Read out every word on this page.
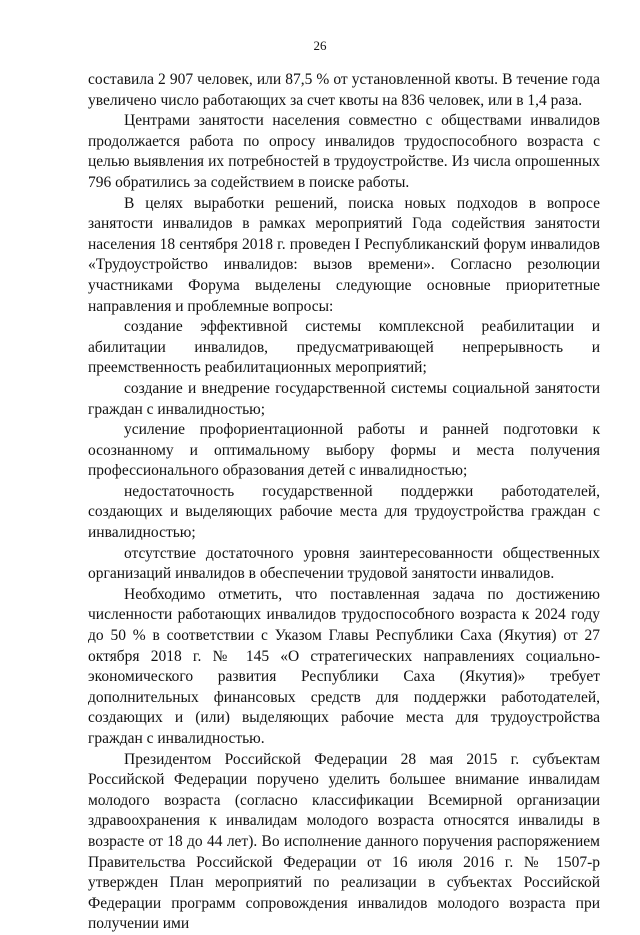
26

составила 2 907 человек, или 87,5 % от установленной квоты. В течение года увеличено число работающих за счет квоты на 836 человек, или в 1,4 раза.

Центрами занятости населения совместно с обществами инвалидов продолжается работа по опросу инвалидов трудоспособного возраста с целью выявления их потребностей в трудоустройстве. Из числа опрошенных 796 обратились за содействием в поиске работы.

В целях выработки решений, поиска новых подходов в вопросе занятости инвалидов в рамках мероприятий Года содействия занятости населения 18 сентября 2018 г. проведен I Республиканский форум инвалидов «Трудоустройство инвалидов: вызов времени». Согласно резолюции участниками Форума выделены следующие основные приоритетные направления и проблемные вопросы:

создание эффективной системы комплексной реабилитации и абилитации инвалидов, предусматривающей непрерывность и преемственность реабилитационных мероприятий;

создание и внедрение государственной системы социальной занятости граждан с инвалидностью;

усиление профориентационной работы и ранней подготовки к осознанному и оптимальному выбору формы и места получения профессионального образования детей с инвалидностью;

недостаточность государственной поддержки работодателей, создающих и выделяющих рабочие места для трудоустройства граждан с инвалидностью;

отсутствие достаточного уровня заинтересованности общественных организаций инвалидов в обеспечении трудовой занятости инвалидов.

Необходимо отметить, что поставленная задача по достижению численности работающих инвалидов трудоспособного возраста к 2024 году до 50 % в соответствии с Указом Главы Республики Саха (Якутия) от 27 октября 2018 г. № 145 «О стратегических направлениях социально-экономического развития Республики Саха (Якутия)» требует дополнительных финансовых средств для поддержки работодателей, создающих и (или) выделяющих рабочие места для трудоустройства граждан с инвалидностью.

Президентом Российской Федерации 28 мая 2015 г. субъектам Российской Федерации поручено уделить большее внимание инвалидам молодого возраста (согласно классификации Всемирной организации здравоохранения к инвалидам молодого возраста относятся инвалиды в возрасте от 18 до 44 лет). Во исполнение данного поручения распоряжением Правительства Российской Федерации от 16 июля 2016 г. № 1507-р утвержден План мероприятий по реализации в субъектах Российской Федерации программ сопровождения инвалидов молодого возраста при получении ими
